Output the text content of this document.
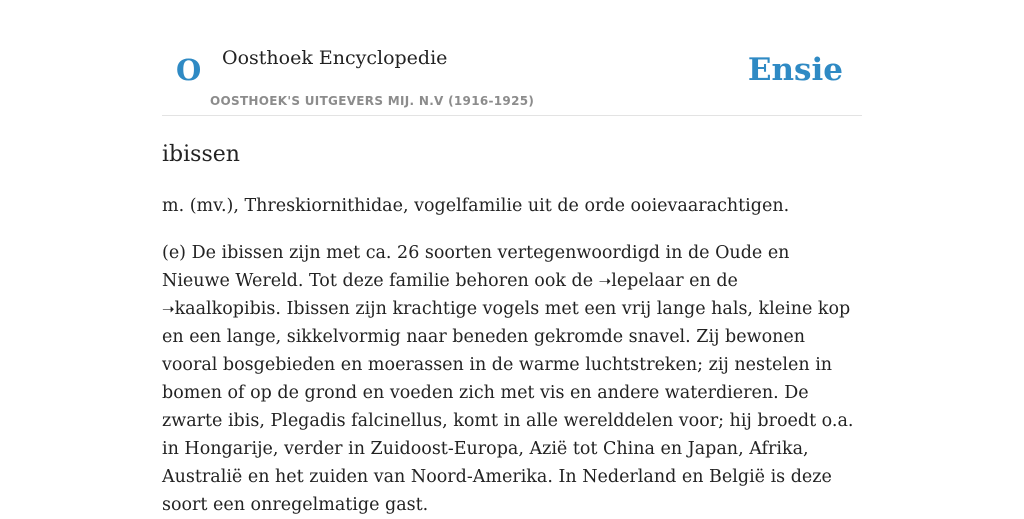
O Oosthoek Encyclopedie	Ensie
OOSTHOEK'S UITGEVERS MIJ. N.V (1916-1925)
ibissen

m. (mv.), Threskiornithidae, vogelfamilie uit de orde ooievaarachtigen.

(e) De ibissen zijn met ca. 26 soorten vertegenwoordigd in de Oude en Nieuwe Wereld. Tot deze familie behoren ook de ➝lepelaar en de ➝kaalkopibis. Ibissen zijn krachtige vogels met een vrij lange hals, kleine kop en een lange, sikkelvormig naar beneden gekromde snavel. Zij bewonen vooral bosgebieden en moerassen in de warme luchtstreken; zij nestelen in bomen of op de grond en voeden zich met vis en andere waterdieren. De zwarte ibis, Plegadis falcinellus, komt in alle werelddelen voor; hij broedt o.a. in Hongarije, verder in Zuidoost-Europa, Azië tot China en Japan, Afrika, Australië en het zuiden van Noord-Amerika. In Nederland en België is deze soort een onregelmatige gast.
